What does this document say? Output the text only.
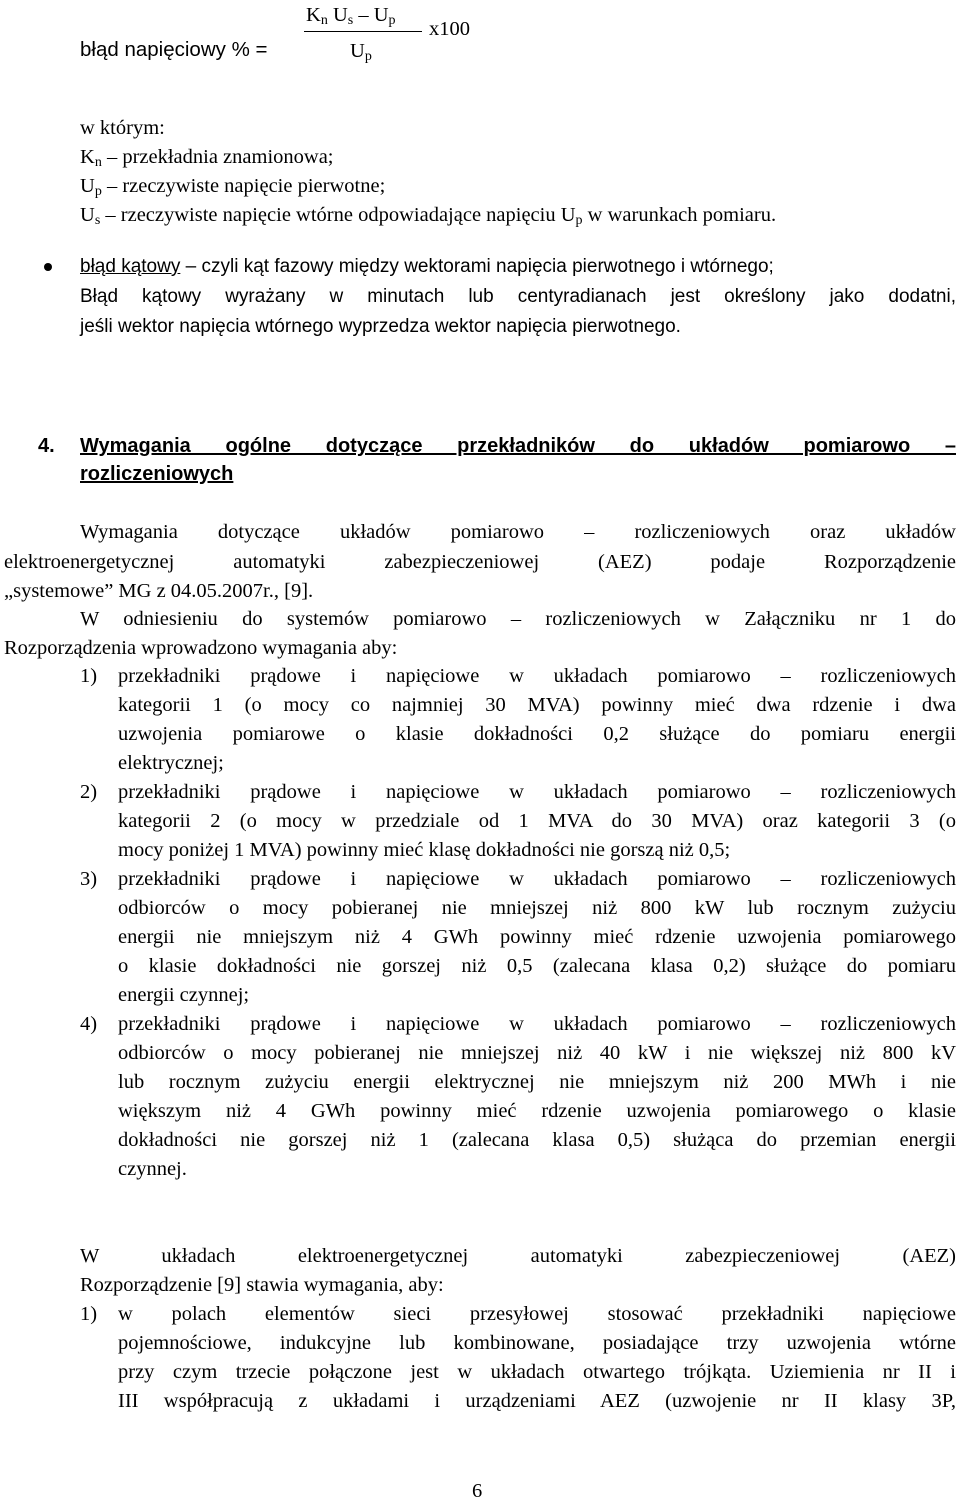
błąd napięciowy % =
$K_n$ $U_s - U_p$
$U_p$
x100
w którym:
$K_n$ – przekładnia znamionowa;
$U_p$ – rzeczywiste napięcie pierwotne;
$U_s$ – rzeczywiste napięcie wtórne odpowiadające napięciu $U_p$ w warunkach pomiaru.
błąd kątowy – czyli kąt fazowy między wektorami napięcia pierwotnego i wtórnego;
Błąd kątowy wyrażany w minutach lub centyradianach jest określony jako dodatni,
jeśli wektor napięcia wtórnego wyprzedza wektor napięcia pierwotnego.
4. Wymagania ogólne dotyczące przekładników do układów pomiarowo –
rozliczeniowych
Wymagania dotyczące układów pomiarowo – rozliczeniowych oraz układów
elektroenergetycznej automatyki zabezpieczeniowej (AEZ) podaje Rozporządzenie
„systemowe” MG z 04.05.2007r., [9].
W odniesieniu do systemów pomiarowo – rozliczeniowych w Załączniku nr 1 do
Rozporządzenia wprowadzono wymagania aby:
1) przekładniki prądowe i napięciowe w układach pomiarowo – rozliczeniowych
kategorii 1 (o mocy co najmniej 30 MVA) powinny mieć dwa rdzenie i dwa
uzwojenia pomiarowe o klasie dokładności 0,2 służące do pomiaru energii
elektrycznej;
2) przekładniki prądowe i napięciowe w układach pomiarowo – rozliczeniowych
kategorii 2 (o mocy w przedziale od 1 MVA do 30 MVA) oraz kategorii 3 (o
mocy poniżej 1 MVA) powinny mieć klasę dokładności nie gorszą niż 0,5;
3) przekładniki prądowe i napięciowe w układach pomiarowo – rozliczeniowych
odbiorców o mocy pobieranej nie mniejszej niż 800 kW lub rocznym zużyciu
energii nie mniejszym niż 4 GWh powinny mieć rdzenie uzwojenia pomiarowego
o klasie dokładności nie gorszej niż 0,5 (zalecana klasa 0,2) służące do pomiaru
energii czynnej;
4) przekładniki prądowe i napięciowe w układach pomiarowo – rozliczeniowych
odbiorców o mocy pobieranej nie mniejszej niż 40 kW i nie większej niż 800 kV
lub rocznym zużyciu energii elektrycznej nie mniejszym niż 200 MWh i nie
większym niż 4 GWh powinny mieć rdzenie uzwojenia pomiarowego o klasie
dokładności nie gorszej niż 1 (zalecana klasa 0,5) służąca do przemian energii
czynnej.
W układach elektroenergetycznej automatyki zabezpieczeniowej (AEZ)
Rozporządzenie [9] stawia wymagania, aby:
1) w polach elementów sieci przesyłowej stosować przekładniki napięciowe
pojemnościowe, indukcyjne lub kombinowane, posiadające trzy uzwojenia wtórne
przy czym trzecie połączone jest w układach otwartego trójkąta. Uziemienia nr II i
III współpracują z układami i urządzeniami AEZ (uzwojenie nr II klasy 3P,
6
